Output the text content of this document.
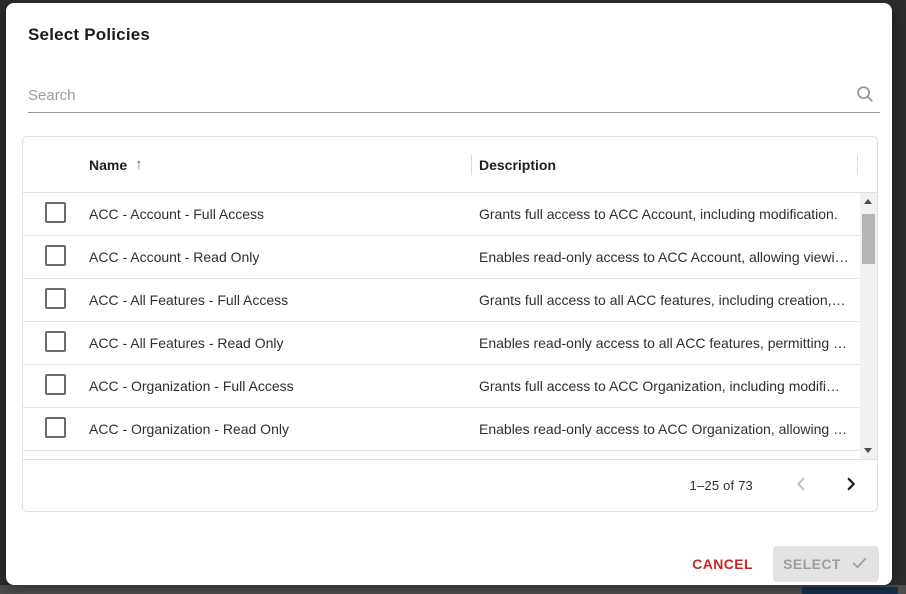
Select Policies
Search
Name ↑	Description
ACC - Account - Full Access	Grants full access to ACC Account, including modification.
ACC - Account - Read Only	Enables read-only access to ACC Account, allowing viewi…
ACC - All Features - Full Access	Grants full access to all ACC features, including creation,…
ACC - All Features - Read Only	Enables read-only access to all ACC features, permitting …
ACC - Organization - Full Access	Grants full access to ACC Organization, including modifi…
ACC - Organization - Read Only	Enables read-only access to ACC Organization, allowing …
1–25 of 73
CANCEL	SELECT
